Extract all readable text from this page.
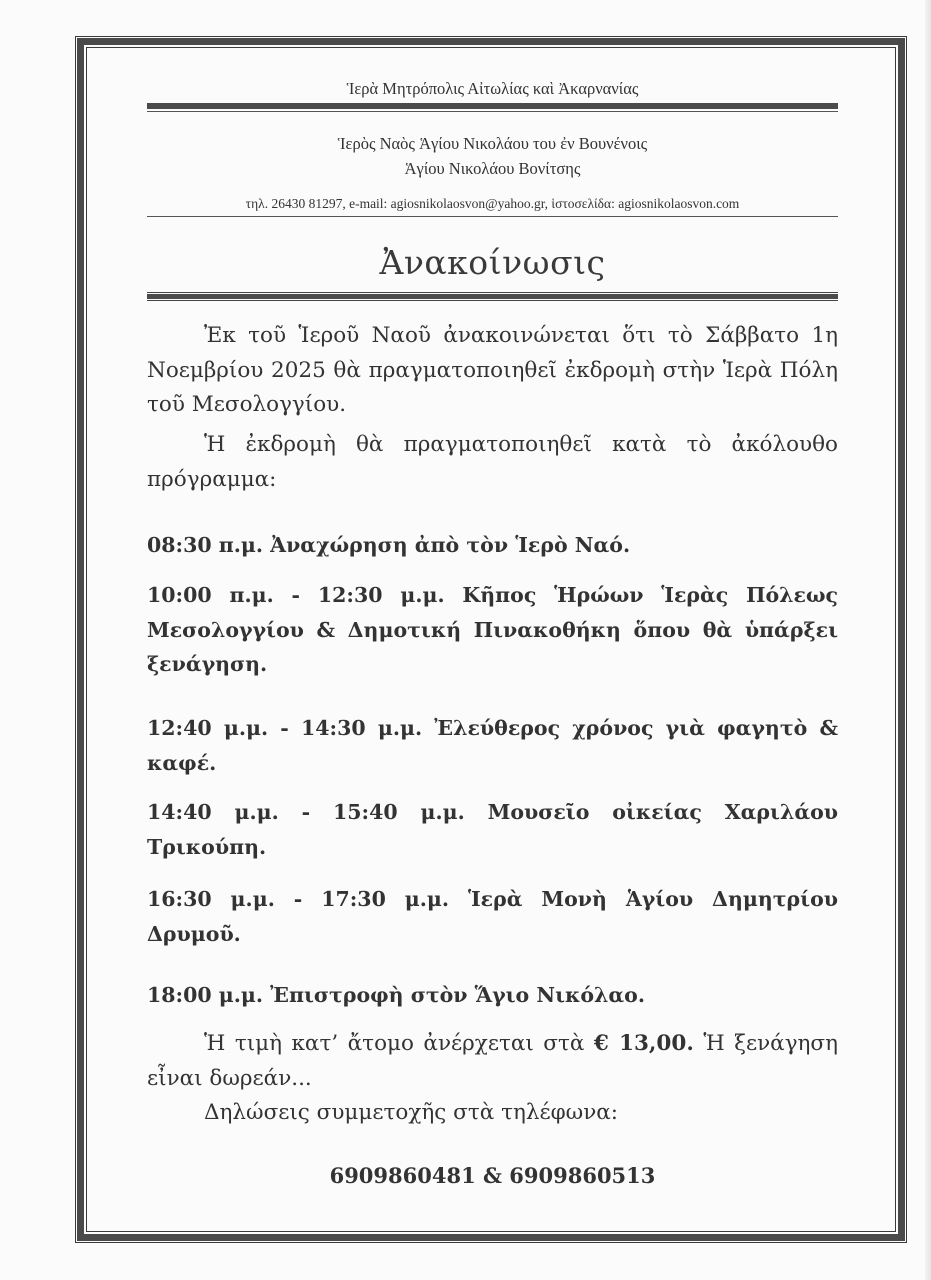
Ἱερὰ Μητρόπολις Αἰτωλίας καὶ Ἀκαρνανίας
Ἱερὸς Ναὸς Ἁγίου Νικολάου του ἐν Βουνένοις
Ἁγίου Νικολάου Βονίτσης
τηλ. 26430 81297, e-mail: agiosnikolaosvon@yahoo.gr, ἱστοσελίδα: agiosnikolaosvon.com
Ἀνακοίνωσις
Ἐκ τοῦ Ἱεροῦ Ναοῦ ἀνακοινώνεται ὅτι τὸ Σάββατο 1η Νοεμβρίου 2025 θὰ πραγματοποιηθεῖ ἐκδρομὴ στὴν Ἱερὰ Πόλη τοῦ Μεσολογγίου.
Ἡ ἐκδρομὴ θὰ πραγματοποιηθεῖ κατὰ τὸ ἀκόλουθο πρόγραμμα:
08:30 π.μ. Ἀναχώρηση ἀπὸ τὸν Ἱερὸ Ναό.
10:00 π.μ. - 12:30 μ.μ. Κῆπος Ἡρώων Ἱερὰς Πόλεως Μεσολογγίου & Δημοτική Πινακοθήκη ὅπου θὰ ὑπάρξει ξενάγηση.
12:40 μ.μ. - 14:30 μ.μ. Ἐλεύθερος χρόνος γιὰ φαγητὸ & καφέ.
14:40 μ.μ. - 15:40 μ.μ. Μουσεῖο οἰκείας Χαριλάου Τρικούπη.
16:30 μ.μ. - 17:30 μ.μ. Ἱερὰ Μονὴ Ἁγίου Δημητρίου Δρυμοῦ.
18:00 μ.μ. Ἐπιστροφὴ στὸν Ἅγιο Νικόλαο.
Ἡ τιμὴ κατ’ ἄτομο ἀνέρχεται στὰ € 13,00. Ἡ ξενάγηση εἶναι δωρεάν...
Δηλώσεις συμμετοχῆς στὰ τηλέφωνα:
6909860481 & 6909860513
